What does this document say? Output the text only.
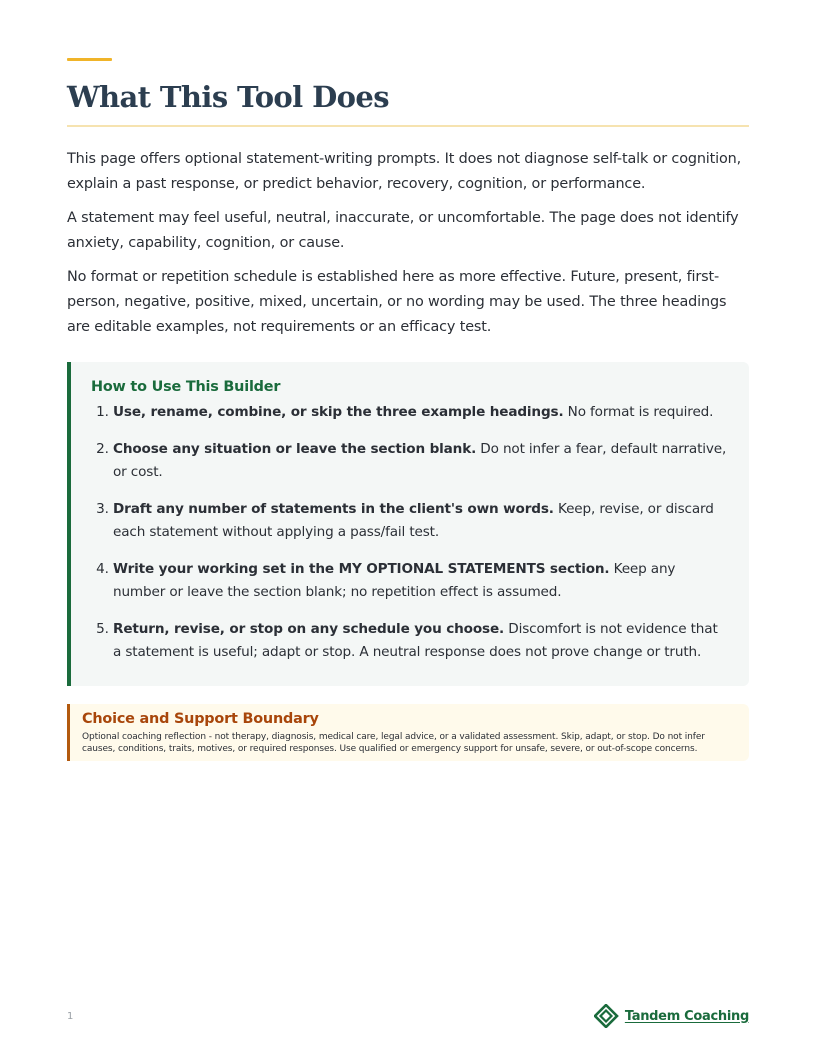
What This Tool Does

This page offers optional statement-writing prompts. It does not diagnose self-talk or cognition, explain a past response, or predict behavior, recovery, cognition, or performance.

A statement may feel useful, neutral, inaccurate, or uncomfortable. The page does not identify anxiety, capability, cognition, or cause.

No format or repetition schedule is established here as more effective. Future, present, first-person, negative, positive, mixed, uncertain, or no wording may be used. The three headings are editable examples, not requirements or an efficacy test.

How to Use This Builder
1. Use, rename, combine, or skip the three example headings. No format is required.
2. Choose any situation or leave the section blank. Do not infer a fear, default narrative, or cost.
3. Draft any number of statements in the client's own words. Keep, revise, or discard each statement without applying a pass/fail test.
4. Write your working set in the MY OPTIONAL STATEMENTS section. Keep any number or leave the section blank; no repetition effect is assumed.
5. Return, revise, or stop on any schedule you choose. Discomfort is not evidence that a statement is useful; adapt or stop. A neutral response does not prove change or truth.
Choice and Support Boundary

Optional coaching reflection - not therapy, diagnosis, medical care, legal advice, or a validated assessment. Skip, adapt, or stop. Do not infer causes, conditions, traits, motives, or required responses. Use qualified or emergency support for unsafe, severe, or out-of-scope concerns.

1	Tandem Coaching
